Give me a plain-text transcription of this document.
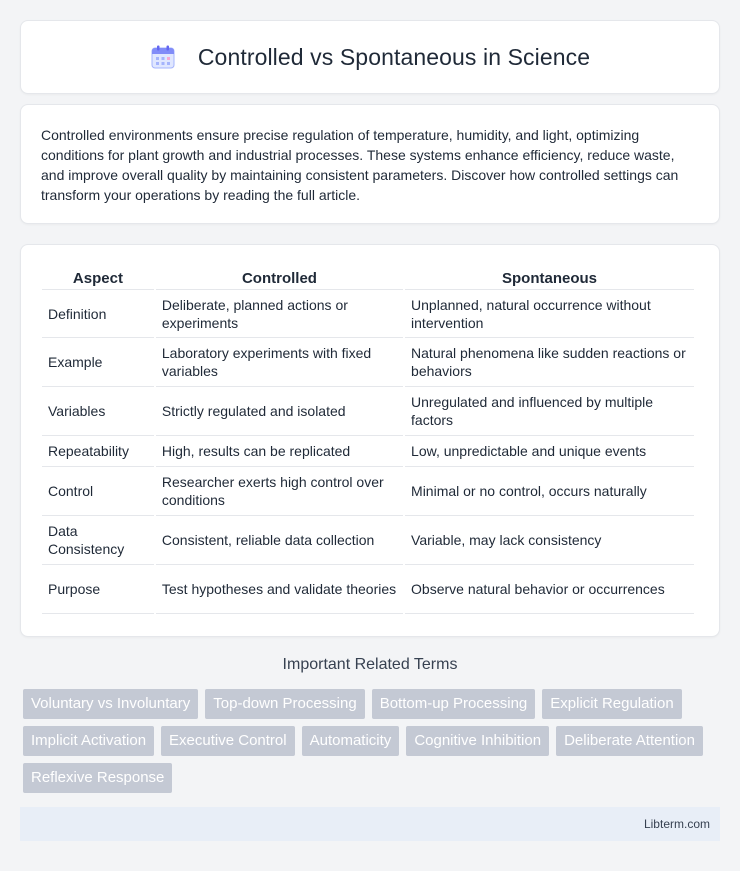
Controlled vs Spontaneous in Science

Controlled environments ensure precise regulation of temperature, humidity, and light, optimizing conditions for plant growth and industrial processes. These systems enhance efficiency, reduce waste, and improve overall quality by maintaining consistent parameters. Discover how controlled settings can transform your operations by reading the full article.

Aspect	Controlled	Spontaneous
Definition	Deliberate, planned actions or experiments	Unplanned, natural occurrence without intervention
Example	Laboratory experiments with fixed variables	Natural phenomena like sudden reactions or behaviors
Variables	Strictly regulated and isolated	Unregulated and influenced by multiple factors
Repeatability	High, results can be replicated	Low, unpredictable and unique events
Control	Researcher exerts high control over conditions	Minimal or no control, occurs naturally
Data Consistency	Consistent, reliable data collection	Variable, may lack consistency
Purpose	Test hypotheses and validate theories	Observe natural behavior or occurrences
Important Related Terms
Voluntary vs Involuntary	Top-down Processing	Bottom-up Processing	Explicit Regulation
Implicit Activation	Executive Control	Automaticity	Cognitive Inhibition	Deliberate Attention
Reflexive Response
Libterm.com
